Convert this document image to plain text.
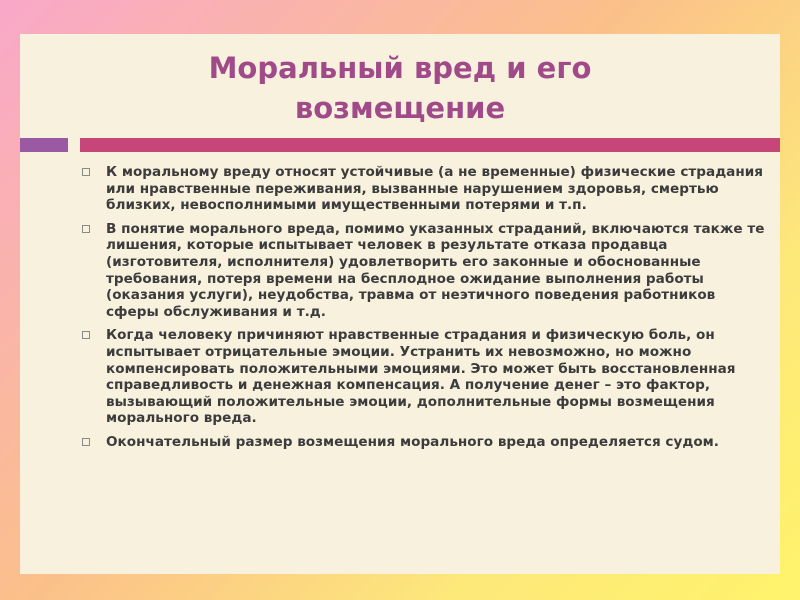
Моральный вред и его
возмещение
К моральному вреду относят устойчивые (а не временные) физические страдания или нравственные переживания, вызванные нарушением здоровья, смертью близких, невосполнимыми имущественными потерями и т.п.
В понятие морального вреда, помимо указанных страданий, включаются также те лишения, которые испытывает человек в результате отказа продавца (изготовителя, исполнителя) удовлетворить его законные и обоснованные требования, потеря времени на бесплодное ожидание выполнения работы (оказания услуги), неудобства, травма от неэтичного поведения работников сферы обслуживания и т.д.
Когда человеку причиняют нравственные страдания и физическую боль, он испытывает отрицательные эмоции. Устранить их невозможно, но можно компенсировать положительными эмоциями. Это может быть восстановленная справедливость и денежная компенсация. А получение денег – это фактор, вызывающий положительные эмоции, дополнительные формы возмещения морального вреда.
Окончательный размер возмещения морального вреда определяется судом.
